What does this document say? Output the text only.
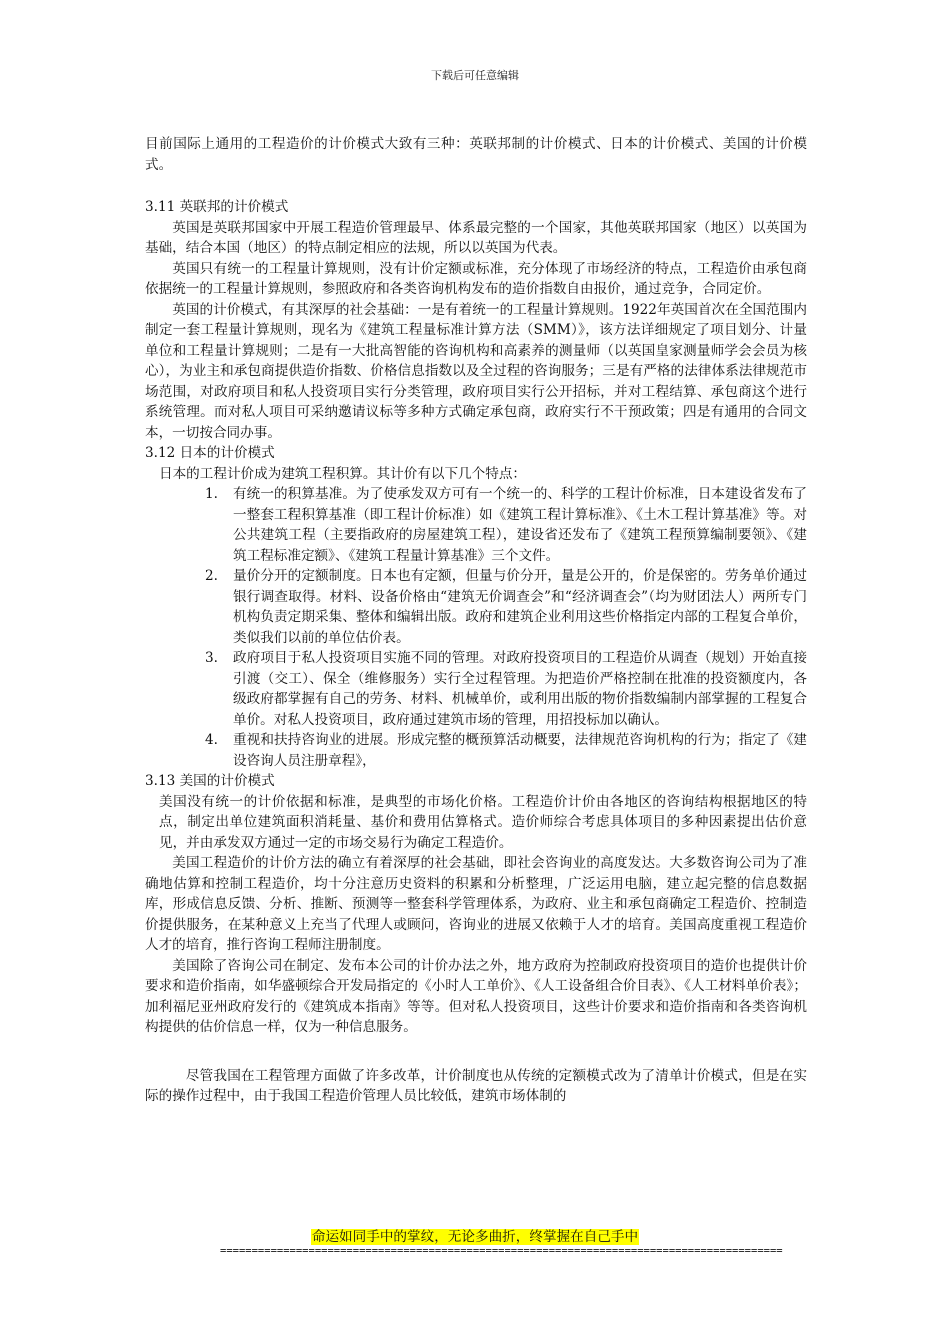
下载后可任意编辑

目前国际上通用的工程造价的计价模式大致有三种：英联邦制的计价模式、日本的计价模式、美国的计价模式。

3.11 英联邦的计价模式

英国是英联邦国家中开展工程造价管理最早、体系最完整的一个国家，其他英联邦国家（地区）以英国为基础，结合本国（地区）的特点制定相应的法规，所以以英国为代表。

英国只有统一的工程量计算规则，没有计价定额或标准，充分体现了市场经济的特点，工程造价由承包商依据统一的工程量计算规则，参照政府和各类咨询机构发布的造价指数自由报价，通过竞争，合同定价。

英国的计价模式，有其深厚的社会基础：一是有着统一的工程量计算规则。1922年英国首次在全国范围内制定一套工程量计算规则，现名为《建筑工程量标准计算方法（SMM）》，该方法详细规定了项目划分、计量单位和工程量计算规则；二是有一大批高智能的咨询机构和高素养的测量师（以英国皇家测量师学会会员为核心），为业主和承包商提供造价指数、价格信息指数以及全过程的咨询服务；三是有严格的法律体系法律规范市场范围，对政府项目和私人投资项目实行分类管理，政府项目实行公开招标，并对工程结算、承包商这个进行系统管理。而对私人项目可采纳邀请议标等多种方式确定承包商，政府实行不干预政策；四是有通用的合同文本，一切按合同办事。

3.12 日本的计价模式

日本的工程计价成为建筑工程积算。其计价有以下几个特点：

1. 有统一的积算基准。为了使承发双方可有一个统一的、科学的工程计价标准，日本建设省发布了一整套工程积算基准（即工程计价标准）如《建筑工程计算标准》、《土木工程计算基准》等。对公共建筑工程（主要指政府的房屋建筑工程），建设省还发布了《建筑工程预算编制要领》、《建筑工程标准定额》、《建筑工程量计算基准》三个文件。
2. 量价分开的定额制度。日本也有定额，但量与价分开，量是公开的，价是保密的。劳务单价通过银行调查取得。材料、设备价格由“建筑无价调查会”和“经济调查会”（均为财团法人）两所专门机构负责定期采集、整体和编辑出版。政府和建筑企业利用这些价格指定内部的工程复合单价，类似我们以前的单位估价表。
3. 政府项目于私人投资项目实施不同的管理。对政府投资项目的工程造价从调查（规划）开始直接引渡（交工）、保全（维修服务）实行全过程管理。为把造价严格控制在批准的投资额度内，各级政府都掌握有自己的劳务、材料、机械单价，或利用出版的物价指数编制内部掌握的工程复合单价。对私人投资项目，政府通过建筑市场的管理，用招投标加以确认。
4. 重视和扶持咨询业的进展。形成完整的概预算活动概要，法律规范咨询机构的行为；指定了《建设咨询人员注册章程》，
3.13 美国的计价模式

美国没有统一的计价依据和标准，是典型的市场化价格。工程造价计价由各地区的咨询结构根据地区的特点，制定出单位建筑面积消耗量、基价和费用估算格式。造价师综合考虑具体项目的多种因素提出估价意见，并由承发双方通过一定的市场交易行为确定工程造价。

美国工程造价的计价方法的确立有着深厚的社会基础，即社会咨询业的高度发达。大多数咨询公司为了准确地估算和控制工程造价，均十分注意历史资料的积累和分析整理，广泛运用电脑，建立起完整的信息数据库，形成信息反馈、分析、推断、预测等一整套科学管理体系，为政府、业主和承包商确定工程造价、控制造价提供服务，在某种意义上充当了代理人或顾问，咨询业的进展又依赖于人才的培育。美国高度重视工程造价人才的培育，推行咨询工程师注册制度。

美国除了咨询公司在制定、发布本公司的计价办法之外，地方政府为控制政府投资项目的造价也提供计价要求和造价指南，如华盛顿综合开发局指定的《小时人工单价》、《人工设备组合价目表》、《人工材料单价表》；加利福尼亚州政府发行的《建筑成本指南》等等。但对私人投资项目，这些计价要求和造价指南和各类咨询机构提供的估价信息一样，仅为一种信息服务。

尽管我国在工程管理方面做了许多改革，计价制度也从传统的定额模式改为了清单计价模式，但是在实际的操作过程中，由于我国工程造价管理人员比较低，建筑市场体制的

命运如同手中的掌纹，无论多曲折，终掌握在自己手中
=========================================================================================
